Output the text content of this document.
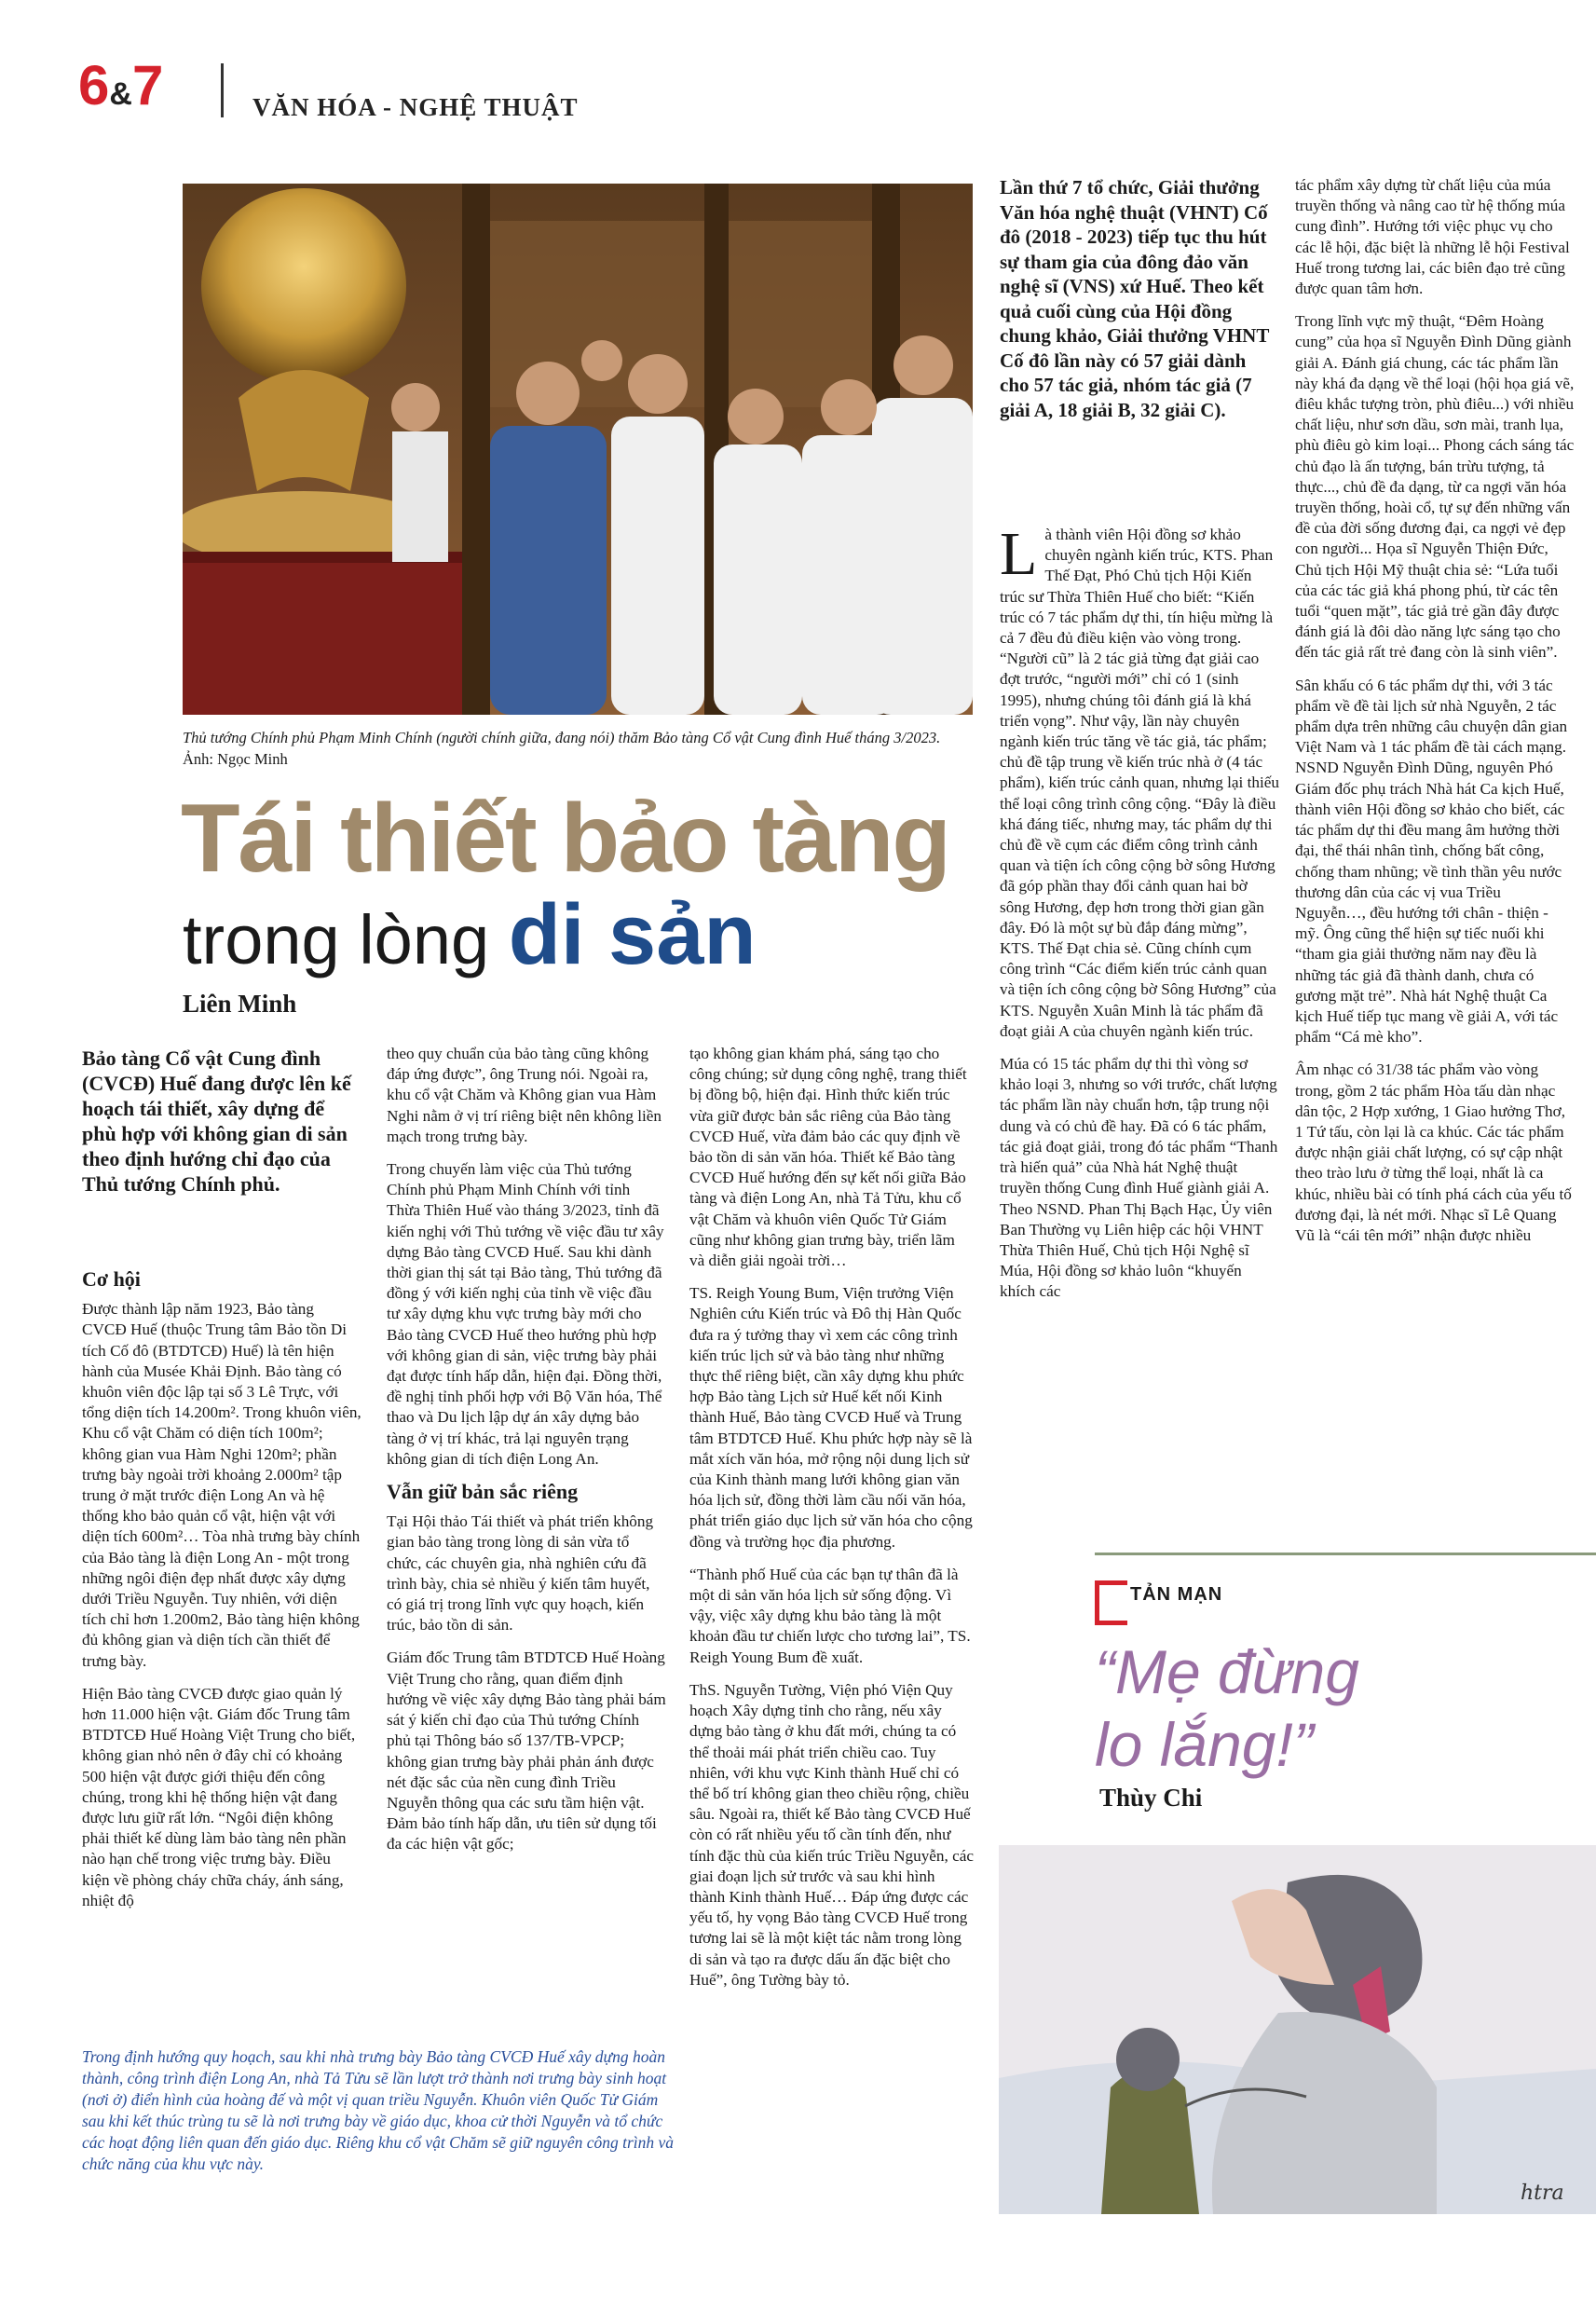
6&7	VĂN HÓA - NGHỆ THUẬT
Thủ tướng Chính phủ Phạm Minh Chính (người chính giữa, đang nói) thăm Bảo tàng Cổ vật Cung đình Huế tháng 3/2023. Ảnh: Ngọc Minh
Tái thiết bảo tàng
trong lòng di sản
Liên Minh
Bảo tàng Cổ vật Cung đình (CVCĐ) Huế đang được lên kế hoạch tái thiết, xây dựng để phù hợp với không gian di sản theo định hướng chỉ đạo của Thủ tướng Chính phủ.
Cơ hội

Được thành lập năm 1923, Bảo tàng CVCĐ Huế (thuộc Trung tâm Bảo tồn Di tích Cố đô (BTDTCĐ) Huế) là tên hiện hành của Musée Khải Định. Bảo tàng có khuôn viên độc lập tại số 3 Lê Trực, với tổng diện tích 14.200m². Trong khuôn viên, Khu cổ vật Chăm có diện tích 100m²; không gian vua Hàm Nghi 120m²; phần trưng bày ngoài trời khoảng 2.000m² tập trung ở mặt trước điện Long An và hệ thống kho bảo quản cổ vật, hiện vật với diện tích 600m²… Tòa nhà trưng bày chính của Bảo tàng là điện Long An - một trong những ngôi điện đẹp nhất được xây dựng dưới Triều Nguyễn. Tuy nhiên, với diện tích chỉ hơn 1.200m2, Bảo tàng hiện không đủ không gian và diện tích cần thiết để trưng bày.

Hiện Bảo tàng CVCĐ được giao quản lý hơn 11.000 hiện vật. Giám đốc Trung tâm BTDTCĐ Huế Hoàng Việt Trung cho biết, không gian nhỏ nên ở đây chỉ có khoảng 500 hiện vật được giới thiệu đến công chúng, trong khi hệ thống hiện vật đang được lưu giữ rất lớn. “Ngôi điện không phải thiết kế dùng làm bảo tàng nên phần nào hạn chế trong việc trưng bày. Điều kiện về phòng cháy chữa cháy, ánh sáng, nhiệt độ

theo quy chuẩn của bảo tàng cũng không đáp ứng được”, ông Trung nói. Ngoài ra, khu cổ vật Chăm và Không gian vua Hàm Nghi nằm ở vị trí riêng biệt nên không liền mạch trong trưng bày.

Trong chuyến làm việc của Thủ tướng Chính phủ Phạm Minh Chính với tỉnh Thừa Thiên Huế vào tháng 3/2023, tỉnh đã kiến nghị với Thủ tướng về việc đầu tư xây dựng Bảo tàng CVCĐ Huế. Sau khi dành thời gian thị sát tại Bảo tàng, Thủ tướng đã đồng ý với kiến nghị của tỉnh về việc đầu tư xây dựng khu vực trưng bày mới cho Bảo tàng CVCĐ Huế theo hướng phù hợp với không gian di sản, việc trưng bày phải đạt được tính hấp dẫn, hiện đại. Đồng thời, đề nghị tỉnh phối hợp với Bộ Văn hóa, Thể thao và Du lịch lập dự án xây dựng bảo tàng ở vị trí khác, trả lại nguyên trạng không gian di tích điện Long An.

Vẫn giữ bản sắc riêng

Tại Hội thảo Tái thiết và phát triển không gian bảo tàng trong lòng di sản vừa tổ chức, các chuyên gia, nhà nghiên cứu đã trình bày, chia sẻ nhiều ý kiến tâm huyết, có giá trị trong lĩnh vực quy hoạch, kiến trúc, bảo tồn di sản.

Giám đốc Trung tâm BTDTCĐ Huế Hoàng Việt Trung cho rằng, quan điểm định hướng về việc xây dựng Bảo tàng phải bám sát ý kiến chỉ đạo của Thủ tướng Chính phủ tại Thông báo số 137/TB-VPCP; không gian trưng bày phải phản ánh được nét đặc sắc của nền cung đình Triều Nguyễn thông qua các sưu tầm hiện vật. Đảm bảo tính hấp dẫn, ưu tiên sử dụng tối đa các hiện vật gốc;

tạo không gian khám phá, sáng tạo cho công chúng; sử dụng công nghệ, trang thiết bị đồng bộ, hiện đại. Hình thức kiến trúc vừa giữ được bản sắc riêng của Bảo tàng CVCĐ Huế, vừa đảm bảo các quy định về bảo tồn di sản văn hóa. Thiết kế Bảo tàng CVCĐ Huế hướng đến sự kết nối giữa Bảo tàng và điện Long An, nhà Tả Tửu, khu cổ vật Chăm và khuôn viên Quốc Tử Giám cũng như không gian trưng bày, triển lãm và diễn giải ngoài trời…

TS. Reigh Young Bum, Viện trưởng Viện Nghiên cứu Kiến trúc và Đô thị Hàn Quốc đưa ra ý tưởng thay vì xem các công trình kiến trúc lịch sử và bảo tàng như những thực thể riêng biệt, cần xây dựng khu phức hợp Bảo tàng Lịch sử Huế kết nối Kinh thành Huế, Bảo tàng CVCĐ Huế và Trung tâm BTDTCĐ Huế. Khu phức hợp này sẽ là mắt xích văn hóa, mở rộng nội dung lịch sử của Kinh thành mang lưới không gian văn hóa lịch sử, đồng thời làm cầu nối văn hóa, phát triển giáo dục lịch sử văn hóa cho cộng đồng và trường học địa phương.

“Thành phố Huế của các bạn tự thân đã là một di sản văn hóa lịch sử sống động. Vì vậy, việc xây dựng khu bảo tàng là một khoản đầu tư chiến lược cho tương lai”, TS. Reigh Young Bum đề xuất.

ThS. Nguyễn Tường, Viện phó Viện Quy hoạch Xây dựng tỉnh cho rằng, nếu xây dựng bảo tàng ở khu đất mới, chúng ta có thể thoải mái phát triển chiều cao. Tuy nhiên, với khu vực Kinh thành Huế chỉ có thể bố trí không gian theo chiều rộng, chiều sâu. Ngoài ra, thiết kế Bảo tàng CVCĐ Huế còn có rất nhiều yếu tố cần tính đến, như tính đặc thù của kiến trúc Triều Nguyễn, các giai đoạn lịch sử trước và sau khi hình thành Kinh thành Huế… Đáp ứng được các yếu tố, hy vọng Bảo tàng CVCĐ Huế trong tương lai sẽ là một kiệt tác nằm trong lòng di sản và tạo ra được dấu ấn đặc biệt cho Huế”, ông Tường bày tỏ.

Trong định hướng quy hoạch, sau khi nhà trưng bày Bảo tàng CVCĐ Huế xây dựng hoàn thành, công trình điện Long An, nhà Tả Tửu sẽ lần lượt trở thành nơi trưng bày sinh hoạt (nơi ở) điển hình của hoàng đế và một vị quan triều Nguyễn. Khuôn viên Quốc Tử Giám sau khi kết thúc trùng tu sẽ là nơi trưng bày về giáo dục, khoa cử thời Nguyễn và tổ chức các hoạt động liên quan đến giáo dục. Riêng khu cổ vật Chăm sẽ giữ nguyên công trình và chức năng của khu vực này.
Lần thứ 7 tổ chức, Giải thưởng Văn hóa nghệ thuật (VHNT) Cố đô (2018 - 2023) tiếp tục thu hút sự tham gia của đông đảo văn nghệ sĩ (VNS) xứ Huế. Theo kết quả cuối cùng của Hội đồng chung khảo, Giải thưởng VHNT Cố đô lần này có 57 giải dành cho 57 tác giả, nhóm tác giả (7 giải A, 18 giải B, 32 giải C).

Là thành viên Hội đồng sơ khảo chuyên ngành kiến trúc, KTS. Phan Thế Đạt, Phó Chủ tịch Hội Kiến trúc sư Thừa Thiên Huế cho biết: “Kiến trúc có 7 tác phẩm dự thi, tín hiệu mừng là cả 7 đều đủ điều kiện vào vòng trong. “Người cũ” là 2 tác giả từng đạt giải cao đợt trước, “người mới” chỉ có 1 (sinh 1995), nhưng chúng tôi đánh giá là khá triển vọng”. Như vậy, lần này chuyên ngành kiến trúc tăng về tác giả, tác phẩm; chủ đề tập trung về kiến trúc nhà ở (4 tác phẩm), kiến trúc cảnh quan, nhưng lại thiếu thể loại công trình công cộng. “Đây là điều khá đáng tiếc, nhưng may, tác phẩm dự thi chủ đề về cụm các điểm công trình cảnh quan và tiện ích công cộng bờ sông Hương đã góp phần thay đổi cảnh quan hai bờ sông Hương, đẹp hơn trong thời gian gần đây. Đó là một sự bù đắp đáng mừng”, KTS. Thế Đạt chia sẻ. Cũng chính cụm công trình “Các điểm kiến trúc cảnh quan và tiện ích công cộng bờ Sông Hương” của KTS. Nguyễn Xuân Minh là tác phẩm đã đoạt giải A của chuyên ngành kiến trúc.

Múa có 15 tác phẩm dự thi thì vòng sơ khảo loại 3, nhưng so với trước, chất lượng tác phẩm lần này chuẩn hơn, tập trung nội dung và có chủ đề hay. Đã có 6 tác phẩm, tác giả đoạt giải, trong đó tác phẩm “Thanh trà hiến quả” của Nhà hát Nghệ thuật truyền thống Cung đình Huế giành giải A. Theo NSND. Phan Thị Bạch Hạc, Ủy viên Ban Thường vụ Liên hiệp các hội VHNT Thừa Thiên Huế, Chủ tịch Hội Nghệ sĩ Múa, Hội đồng sơ khảo luôn “khuyến khích các

tác phẩm xây dựng từ chất liệu của múa truyền thống và nâng cao từ hệ thống múa cung đình”. Hướng tới việc phục vụ cho các lễ hội, đặc biệt là những lễ hội Festival Huế trong tương lai, các biên đạo trẻ cũng được quan tâm hơn.

Trong lĩnh vực mỹ thuật, “Đêm Hoàng cung” của họa sĩ Nguyễn Đình Dũng giành giải A. Đánh giá chung, các tác phẩm lần này khá đa dạng về thể loại (hội họa giá vẽ, điêu khắc tượng tròn, phù điêu...) với nhiều chất liệu, như sơn dầu, sơn mài, tranh lụa, phù điêu gò kim loại... Phong cách sáng tác chủ đạo là ấn tượng, bán trừu tượng, tả thực..., chủ đề đa dạng, từ ca ngợi văn hóa truyền thống, hoài cổ, tự sự đến những vấn đề của đời sống đương đại, ca ngợi vẻ đẹp con người... Họa sĩ Nguyễn Thiện Đức, Chủ tịch Hội Mỹ thuật chia sẻ: “Lứa tuổi của các tác giả khá phong phú, từ các tên tuổi “quen mặt”, tác giả trẻ gần đây được đánh giá là đôi dào năng lực sáng tạo cho đến tác giả rất trẻ đang còn là sinh viên”.

Sân khấu có 6 tác phẩm dự thi, với 3 tác phẩm về đề tài lịch sử nhà Nguyễn, 2 tác phẩm dựa trên những câu chuyện dân gian Việt Nam và 1 tác phẩm đề tài cách mạng. NSND Nguyễn Đình Dũng, nguyên Phó Giám đốc phụ trách Nhà hát Ca kịch Huế, thành viên Hội đồng sơ khảo cho biết, các tác phẩm dự thi đều mang âm hưởng thời đại, thể thái nhân tình, chống bất công, chống tham nhũng; về tình thần yêu nước thương dân của các vị vua Triều Nguyễn…, đều hướng tới chân - thiện - mỹ. Ông cũng thể hiện sự tiếc nuối khi “tham gia giải thưởng năm nay đều là những tác giả đã thành danh, chưa có gương mặt trẻ”. Nhà hát Nghệ thuật Ca kịch Huế tiếp tục mang về giải A, với tác phẩm “Cá mè kho”.

Âm nhạc có 31/38 tác phẩm vào vòng trong, gồm 2 tác phẩm Hòa tấu dàn nhạc dân tộc, 2 Hợp xướng, 1 Giao hưởng Thơ, 1 Tứ tấu, còn lại là ca khúc. Các tác phẩm được nhận giải chất lượng, có sự cập nhật theo trào lưu ở từng thể loại, nhất là ca khúc, nhiều bài có tính phá cách của yếu tố đương đại, là nét mới. Nhạc sĩ Lê Quang Vũ là “cái tên mới” nhận được nhiều

TẢN MẠN
“Mẹ đừng
lo lắng!”
Thùy Chi
htra
